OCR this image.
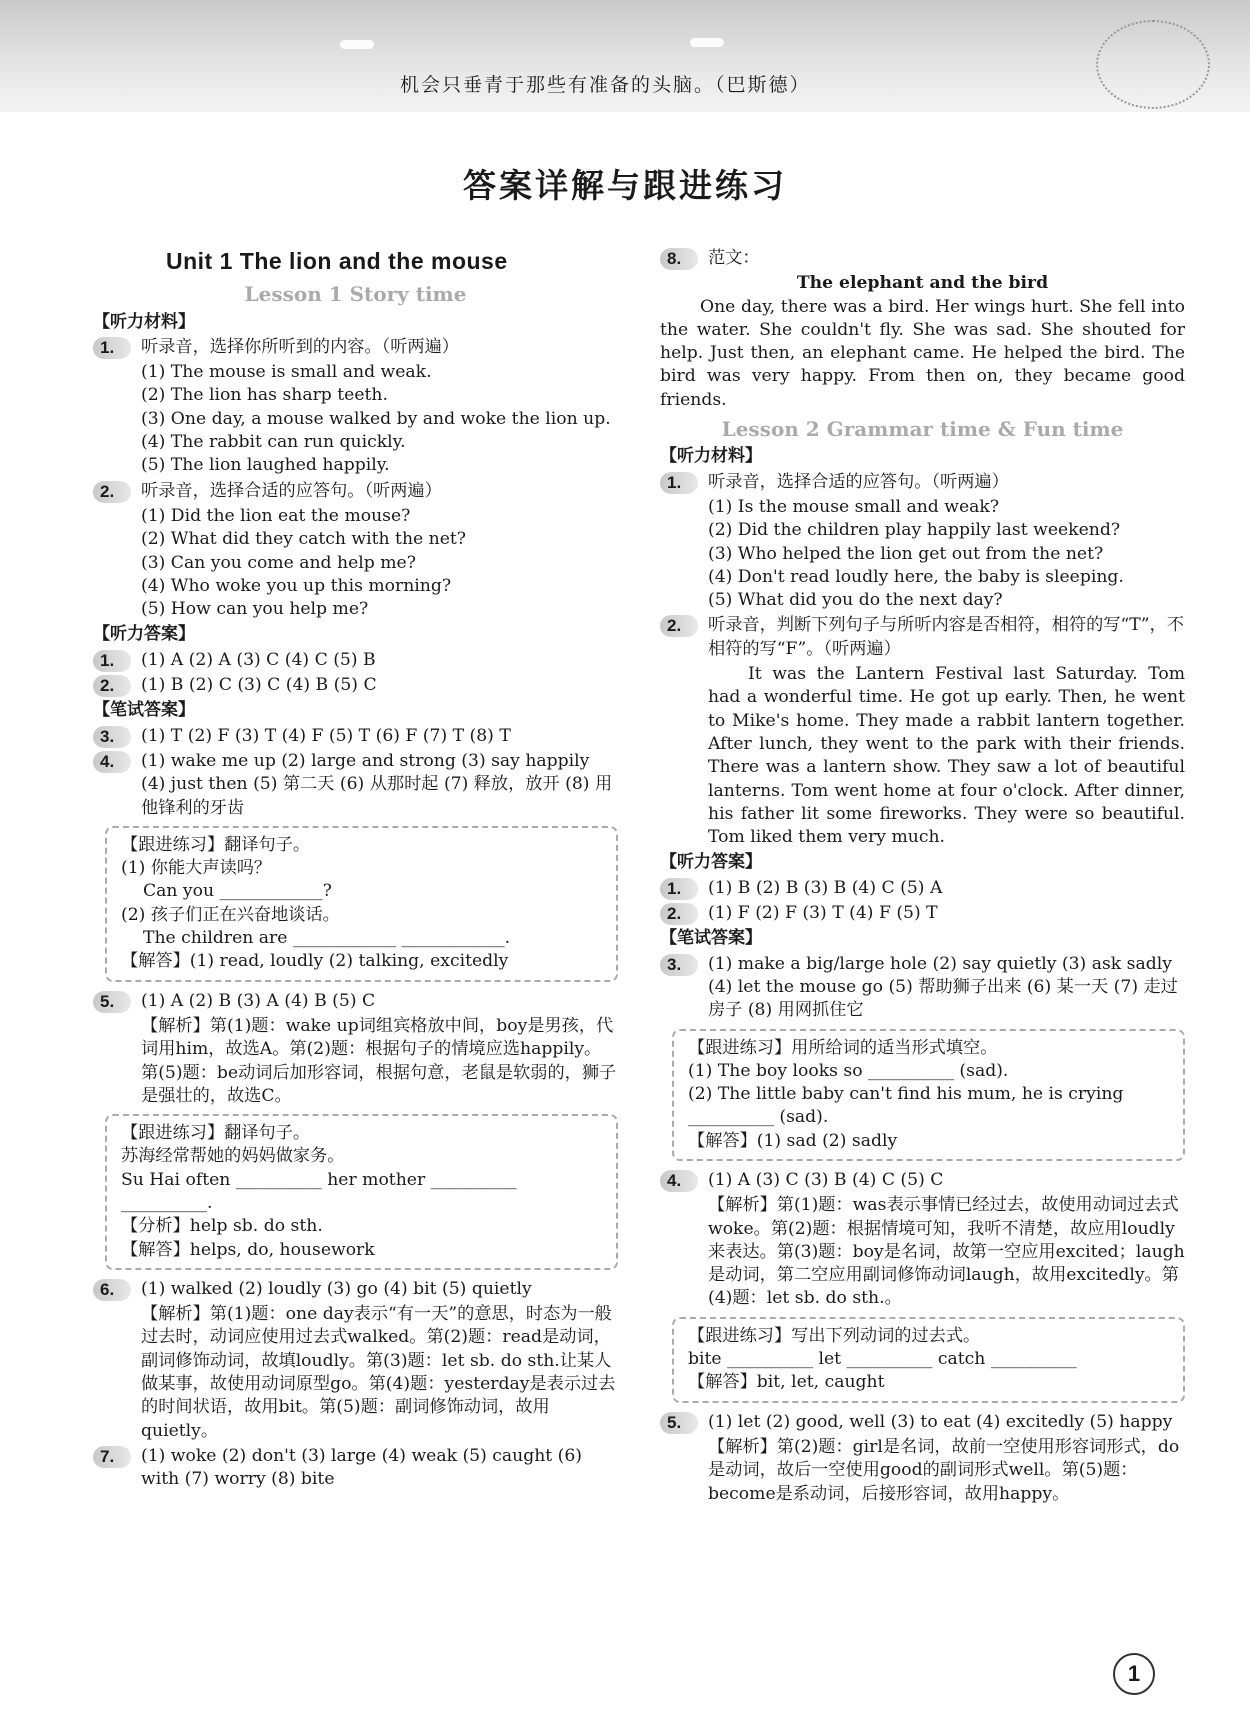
机会只垂青于那些有准备的头脑。（巴斯德）
答案详解与跟进练习
Unit 1 The lion and the mouse
Lesson 1 Story time
【听力材料】
1.	听录音，选择你所听到的内容。（听两遍）
(1) The mouse is small and weak.
(2) The lion has sharp teeth.
(3) One day, a mouse walked by and woke the lion up.
(4) The rabbit can run quickly.
(5) The lion laughed happily.
2.	听录音，选择合适的应答句。（听两遍）
(1) Did the lion eat the mouse?
(2) What did they catch with the net?
(3) Can you come and help me?
(4) Who woke you up this morning?
(5) How can you help me?
【听力答案】
1.	(1) A (2) A (3) C (4) C (5) B
2.	(1) B (2) C (3) C (4) B (5) C
【笔试答案】
3.	(1) T (2) F (3) T (4) F (5) T (6) F (7) T (8) T
4.	(1) wake me up (2) large and strong (3) say happily (4) just then (5) 第二天 (6) 从那时起 (7) 释放，放开 (8) 用他锋利的牙齿
【跟进练习】翻译句子。
(1) 你能大声读吗？
Can you ____________?
(2) 孩子们正在兴奋地谈话。
The children are ____________ ____________.
【解答】(1) read, loudly (2) talking, excitedly
5.	(1) A (2) B (3) A (4) B (5) C
【解析】第(1)题：wake up词组宾格放中间，boy是男孩，代词用him，故选A。第(2)题：根据句子的情境应选happily。第(5)题：be动词后加形容词，根据句意，老鼠是软弱的，狮子是强壮的，故选C。
【跟进练习】翻译句子。
苏海经常帮她的妈妈做家务。
Su Hai often __________ her mother __________ __________.
【分析】help sb. do sth.
【解答】helps, do, housework
6.	(1) walked (2) loudly (3) go (4) bit (5) quietly
【解析】第(1)题：one day表示“有一天”的意思，时态为一般过去时，动词应使用过去式walked。第(2)题：read是动词，副词修饰动词，故填loudly。第(3)题：let sb. do sth.让某人做某事，故使用动词原型go。第(4)题：yesterday是表示过去的时间状语，故用bit。第(5)题：副词修饰动词，故用quietly。
7.	(1) woke (2) don't (3) large (4) weak (5) caught (6) with (7) worry (8) bite
8.	范文：
The elephant and the bird
One day, there was a bird. Her wings hurt. She fell into the water. She couldn't fly. She was sad. She shouted for help. Just then, an elephant came. He helped the bird. The bird was very happy. From then on, they became good friends.
Lesson 2 Grammar time & Fun time
【听力材料】
1.	听录音，选择合适的应答句。（听两遍）
(1) Is the mouse small and weak?
(2) Did the children play happily last weekend?
(3) Who helped the lion get out from the net?
(4) Don't read loudly here, the baby is sleeping.
(5) What did you do the next day?
2.	听录音，判断下列句子与所听内容是否相符，相符的写“T”，不相符的写“F”。（听两遍）
It was the Lantern Festival last Saturday. Tom had a wonderful time. He got up early. Then, he went to Mike's home. They made a rabbit lantern together. After lunch, they went to the park with their friends. There was a lantern show. They saw a lot of beautiful lanterns. Tom went home at four o'clock. After dinner, his father lit some fireworks. They were so beautiful. Tom liked them very much.
【听力答案】
1.	(1) B (2) B (3) B (4) C (5) A
2.	(1) F (2) F (3) T (4) F (5) T
【笔试答案】
3.	(1) make a big/large hole (2) say quietly (3) ask sadly (4) let the mouse go (5) 帮助狮子出来 (6) 某一天 (7) 走过房子 (8) 用网抓住它
【跟进练习】用所给词的适当形式填空。
(1) The boy looks so __________ (sad).
(2) The little baby can't find his mum, he is crying __________ (sad).
【解答】(1) sad (2) sadly
4.	(1) A (3) C (3) B (4) C (5) C
【解析】第(1)题：was表示事情已经过去，故使用动词过去式woke。第(2)题：根据情境可知，我听不清楚，故应用loudly来表达。第(3)题：boy是名词，故第一空应用excited；laugh是动词，第二空应用副词修饰动词laugh，故用excitedly。第(4)题：let sb. do sth.。
【跟进练习】写出下列动词的过去式。
bite __________ let __________ catch __________
【解答】bit, let, caught
5.	(1) let (2) good, well (3) to eat (4) excitedly (5) happy
【解析】第(2)题：girl是名词，故前一空使用形容词形式，do是动词，故后一空使用good的副词形式well。第(5)题：become是系动词，后接形容词，故用happy。
1
